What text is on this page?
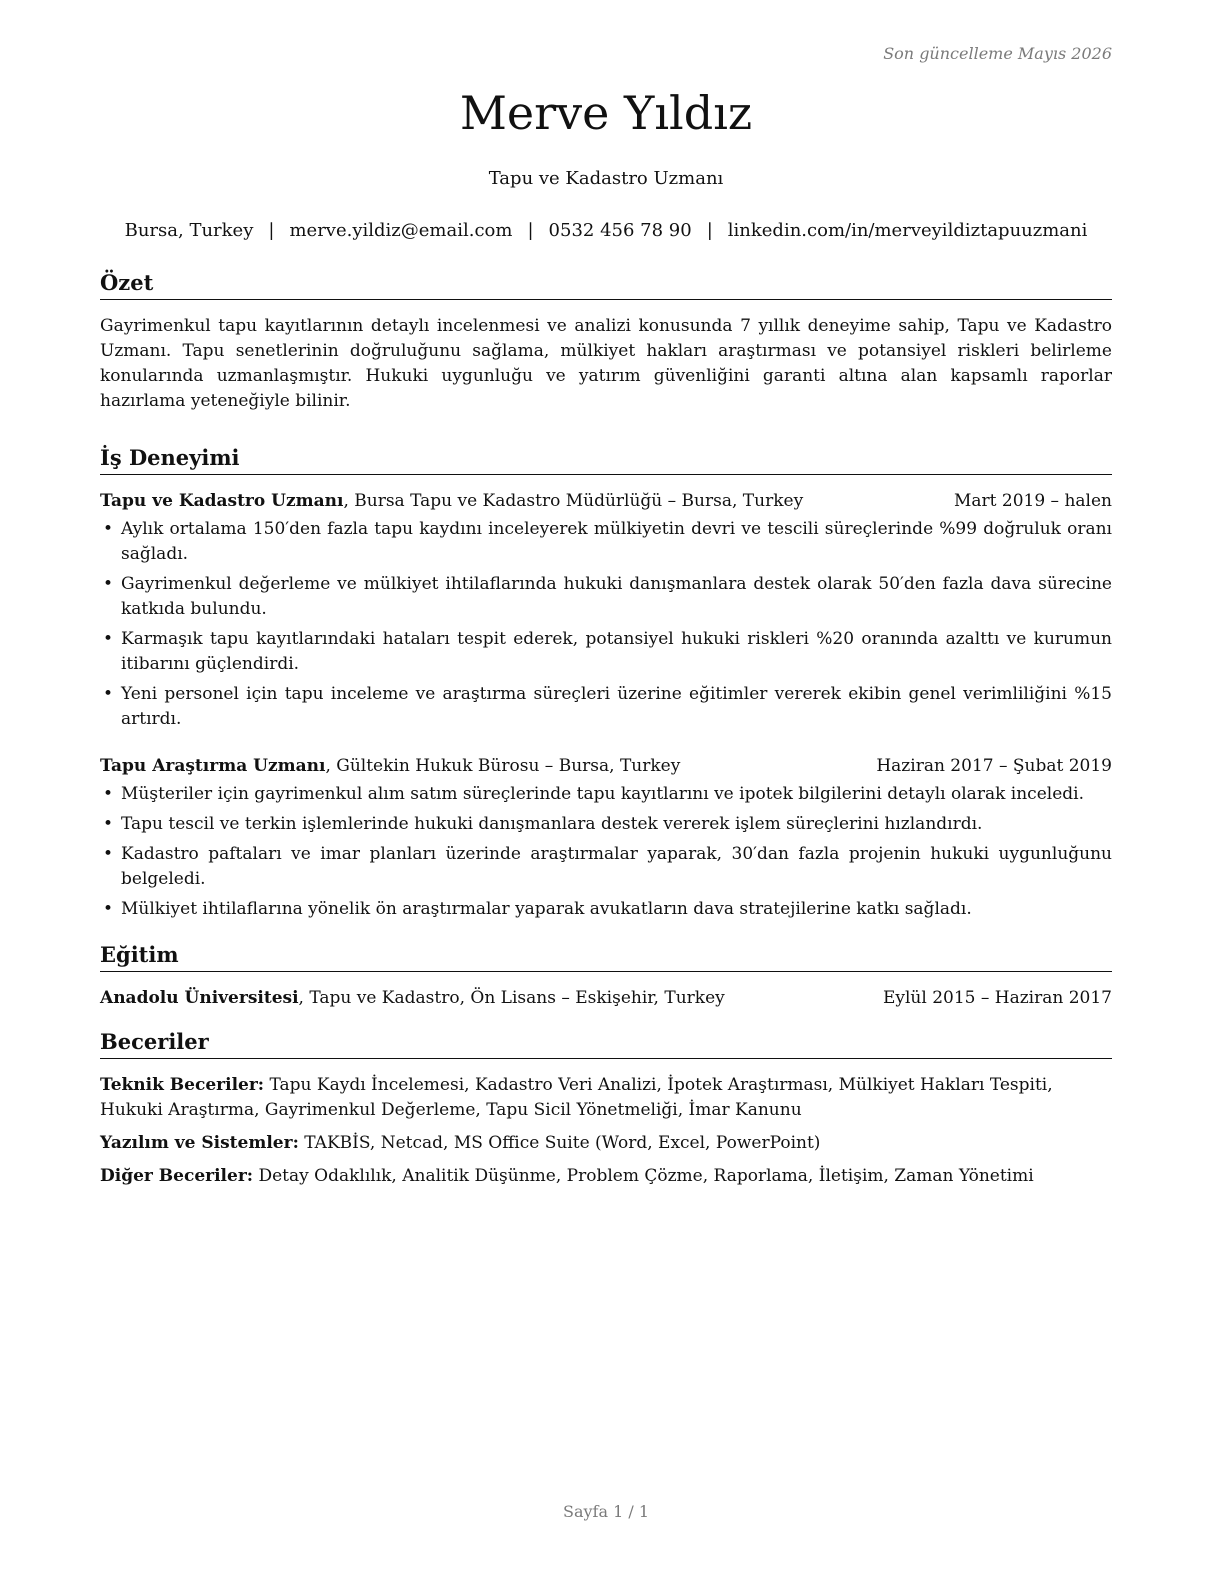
Son güncelleme Mayıs 2026
Merve Yıldız
Tapu ve Kadastro Uzmanı
Bursa, Turkey | merve.yildiz@email.com | 0532 456 78 90 | linkedin.com/in/merveyildiztapuuzmani
Özet

Gayrimenkul tapu kayıtlarının detaylı incelenmesi ve analizi konusunda 7 yıllık deneyime sahip, Tapu ve Kadastro Uzmanı. Tapu senetlerinin doğruluğunu sağlama, mülkiyet hakları araştırması ve potansiyel riskleri belirleme konularında uzmanlaşmıştır. Hukuki uygunluğu ve yatırım güvenliğini garanti altına alan kapsamlı raporlar hazırlama yeteneğiyle bilinir.

İş Deneyimi
Tapu ve Kadastro Uzmanı, Bursa Tapu ve Kadastro Müdürlüğü – Bursa, Turkey	Mart 2019 – halen
• Aylık ortalama 150′den fazla tapu kaydını inceleyerek mülkiyetin devri ve tescili süreçlerinde %99 doğruluk oranı sağladı.
• Gayrimenkul değerleme ve mülkiyet ihtilaflarında hukuki danışmanlara destek olarak 50′den fazla dava sürecine katkıda bulundu.
• Karmaşık tapu kayıtlarındaki hataları tespit ederek, potansiyel hukuki riskleri %20 oranında azalttı ve kurumun itibarını güçlendirdi.
• Yeni personel için tapu inceleme ve araştırma süreçleri üzerine eğitimler vererek ekibin genel verimliliğini %15 artırdı.
Tapu Araştırma Uzmanı, Gültekin Hukuk Bürosu – Bursa, Turkey	Haziran 2017 – Şubat 2019
• Müşteriler için gayrimenkul alım satım süreçlerinde tapu kayıtlarını ve ipotek bilgilerini detaylı olarak inceledi.
• Tapu tescil ve terkin işlemlerinde hukuki danışmanlara destek vererek işlem süreçlerini hızlandırdı.
• Kadastro paftaları ve imar planları üzerinde araştırmalar yaparak, 30′dan fazla projenin hukuki uygunluğunu belgeledi.
• Mülkiyet ihtilaflarına yönelik ön araştırmalar yaparak avukatların dava stratejilerine katkı sağladı.
Eğitim
Anadolu Üniversitesi, Tapu ve Kadastro, Ön Lisans – Eskişehir, Turkey	Eylül 2015 – Haziran 2017
Beceriler

Teknik Beceriler: Tapu Kaydı İncelemesi, Kadastro Veri Analizi, İpotek Araştırması, Mülkiyet Hakları Tespiti, Hukuki Araştırma, Gayrimenkul Değerleme, Tapu Sicil Yönetmeliği, İmar Kanunu

Yazılım ve Sistemler: TAKBİS, Netcad, MS Office Suite (Word, Excel, PowerPoint)

Diğer Beceriler: Detay Odaklılık, Analitik Düşünme, Problem Çözme, Raporlama, İletişim, Zaman Yönetimi

Sayfa 1 / 1
